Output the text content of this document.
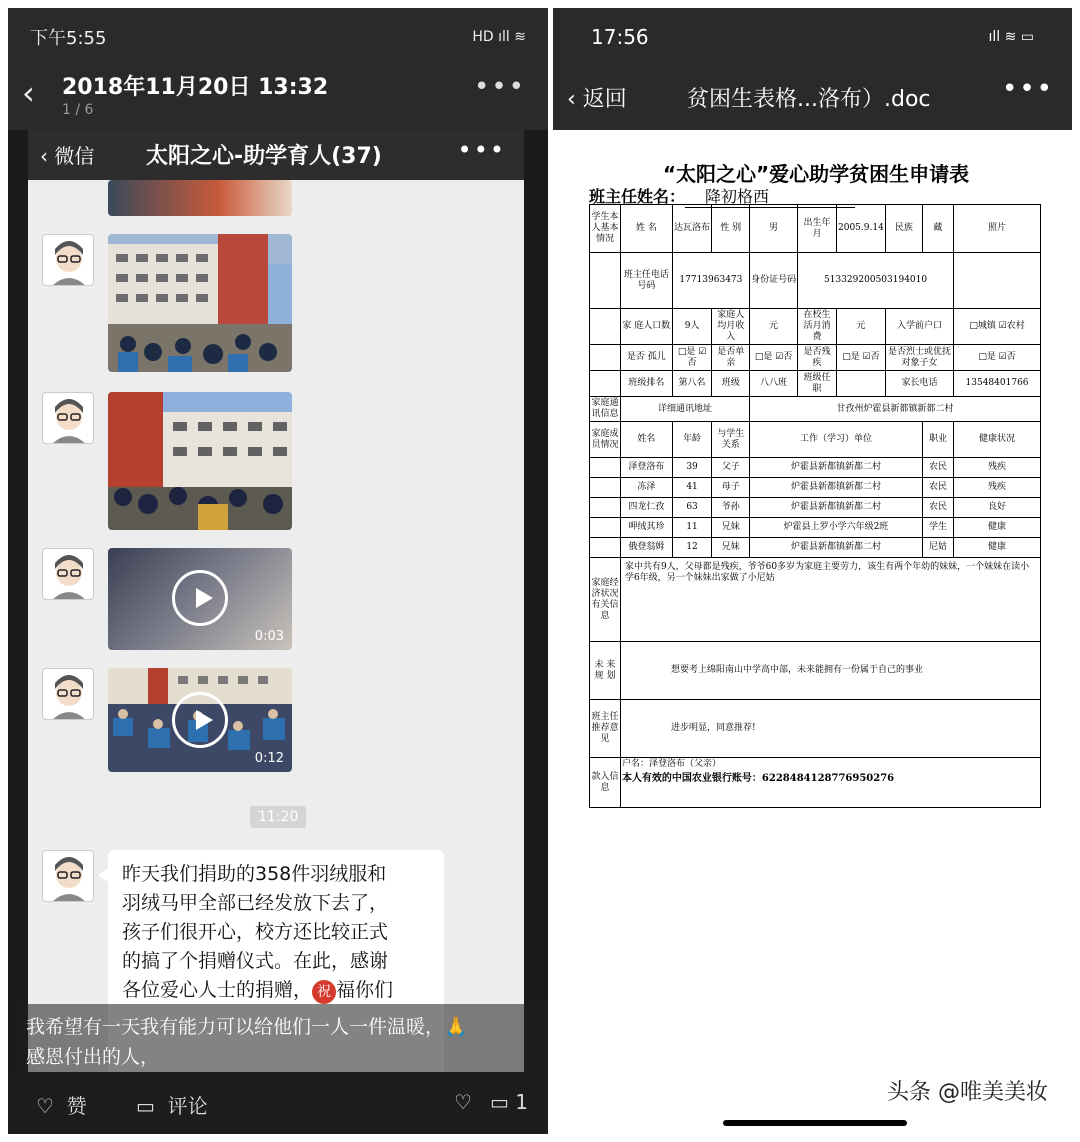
下午5:55	HD ıll ≋
‹ 2018年11月20日 13:32
1 / 6
•••
‹ 微信 太阳之心-助学育人(37)	•••
0:03
0:12
11:20
昨天我们捐助的358件羽绒服和
羽绒马甲全部已经发放下去了，
孩子们很开心，校方还比较正式
的搞了个捐赠仪式。在此，感谢
各位爱心人士的捐赠， 祝 福你们
我希望有一天我有能力可以给他们一人一件温暖，🙏
感恩付出的人，
♡ 赞 ▭ 评论	♡ ▭ 1
17:56	ıll ≋ ▭
‹ 返回	贫困生表格...洛布）.doc	•••
“太阳之心”爱心助学贫困生申请表
班主任姓名： 降初格西
学生本人基本情况	姓 名	达瓦洛布	性 别	男	出生年月	2005.9.14	民族	藏	照片
	班主任电话号码	17713963473		身份证号码	513329200503194010				
	家 庭人口数	9人	家庭人均月收入	元	在校生活月消费	元	入学前户口		□城镇 ☑农村
	是否 孤儿	□是 ☑否	是否单亲	□是 ☑否	是否残疾	□是 ☑否	是否烈士或优抚对象子女		□是 ☑否
	班级排名	第八名	班级	八八班	班级任职		家长电话		13548401766
家庭通讯信息	详细通讯地址			甘孜州炉霍县新都镇新都二村					
家庭成员情况	姓名	年龄	与学生关系	工作（学习）单位				职业	健康状况
	泽登洛布	39	父子	炉霍县新都镇新都二村				农民	残疾
	冻泽	41	母子	炉霍县新都镇新都二村				农民	残疾
	四龙仁孜	63	爷孙	炉霍县新都镇新都二村				农民	良好
	呷绒其珍	11	兄妹	炉霍县上罗小学六年级2班				学生	健康
	俄登翁姆	12	兄妹	炉霍县新都镇新都二村				尼姑	健康
家庭经济状况有关信息	家中共有9人，父母都是残疾，爷爷60多岁为家庭主要劳力，该生有两个年幼的妹妹，一个妹妹在读小学6年级，另一个妹妹出家做了小尼姑								
未 来规 划	想要考上绵阳南山中学高中部，未来能拥有一份属于自己的事业								
班主任推荐意见	进步明显，同意推荐!								
款入信息	户名：泽登洛布（父亲）
本人有效的中国农业银行账号：6228484128776950276								
头条 @唯美美妆
